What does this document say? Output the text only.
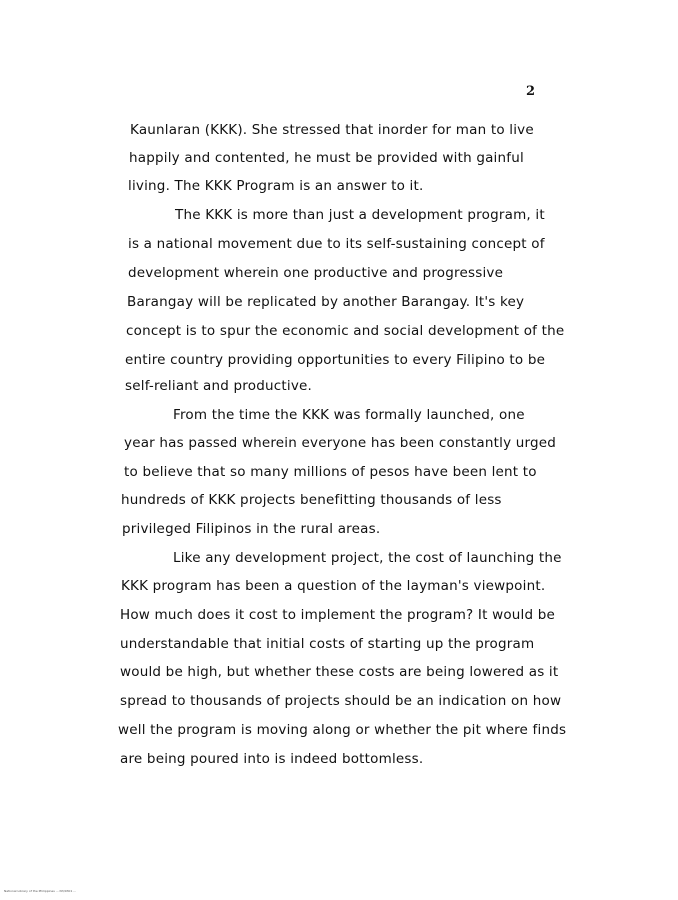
2
Kaunlaran (KKK). She stressed that inorder for man to live
happily and contented, he must be provided with gainful
living. The KKK Program is an answer to it.
The KKK is more than just a development program, it
is a national movement due to its self-sustaining concept of
development wherein one productive and progressive
Barangay will be replicated by another Barangay. It's key
concept is to spur the economic and social development of the
entire country providing opportunities to every Filipino to be
self-reliant and productive.
From the time the KKK was formally launched, one
year has passed wherein everyone has been constantly urged
to believe that so many millions of pesos have been lent to
hundreds of KKK projects benefitting thousands of less
privileged Filipinos in the rural areas.
Like any development project, the cost of launching the
KKK program has been a question of the layman's viewpoint.
How much does it cost to implement the program? It would be
understandable that initial costs of starting up the program
would be high, but whether these costs are being lowered as it
spread to thousands of projects should be an indication on how
well the program is moving along or whether the pit where finds
are being poured into is indeed bottomless.
National Library of the Philippines ... N3/9301 ...
